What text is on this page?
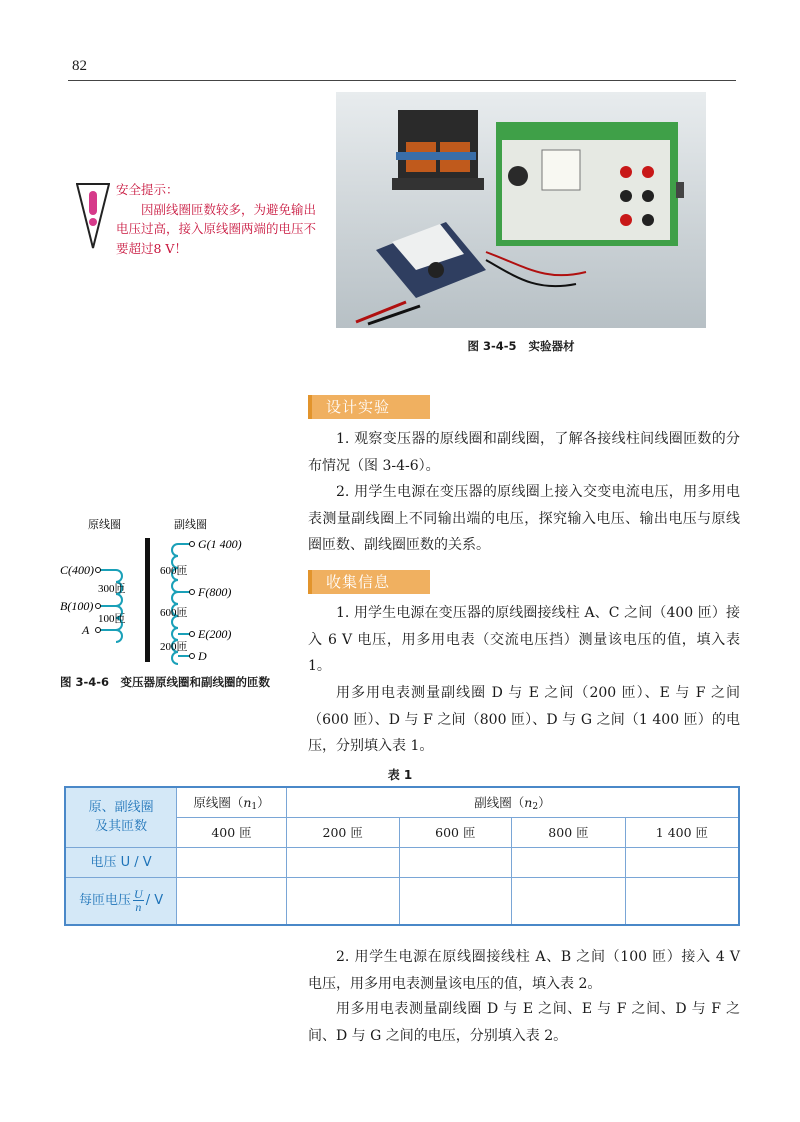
82
安全提示：
因副线圈匝数较多，为避免输出电压过高，接入原线圈两端的电压不要超过8 V！
图 3-4-5 实验器材
设计实验
1. 观察变压器的原线圈和副线圈，了解各接线柱间线圈匝数的分布情况（图 3-4-6）。
2. 用学生电源在变压器的原线圈上接入交变电流电压，用多用电表测量副线圈上不同输出端的电压，探究输入电压、输出电压与原线圈匝数、副线圈匝数的关系。
原线圈	副线圈
C(400)
B(100)
A
300匝
100匝
G(1 400)
F(800)
E(200)
D
600匝
600匝
200匝
图 3-4-6　变压器原线圈和副线圈的匝数
收集信息
1. 用学生电源在变压器的原线圈接线柱 A、C 之间（400 匝）接入 6 V 电压，用多用电表（交流电压挡）测量该电压的值，填入表 1。
用多用电表测量副线圈 D 与 E 之间（200 匝）、E 与 F 之间（600 匝）、D 与 F 之间（800 匝）、D 与 G 之间（1 400 匝）的电压，分别填入表 1。
表 1
原、副线圈
及其匝数	原线圈$(n_1)$	副线圈$(n_2)$			
	400 匝	200 匝	600 匝	800 匝	1 400 匝
电压 U / V					
每匝电压 $\frac{U}{n}$ / V					
2. 用学生电源在原线圈接线柱 A、B 之间（100 匝）接入 4 V 电压，用多用电表测量该电压的值，填入表 2。
用多用电表测量副线圈 D 与 E 之间、E 与 F 之间、D 与 F 之间、D 与 G 之间的电压，分别填入表 2。
